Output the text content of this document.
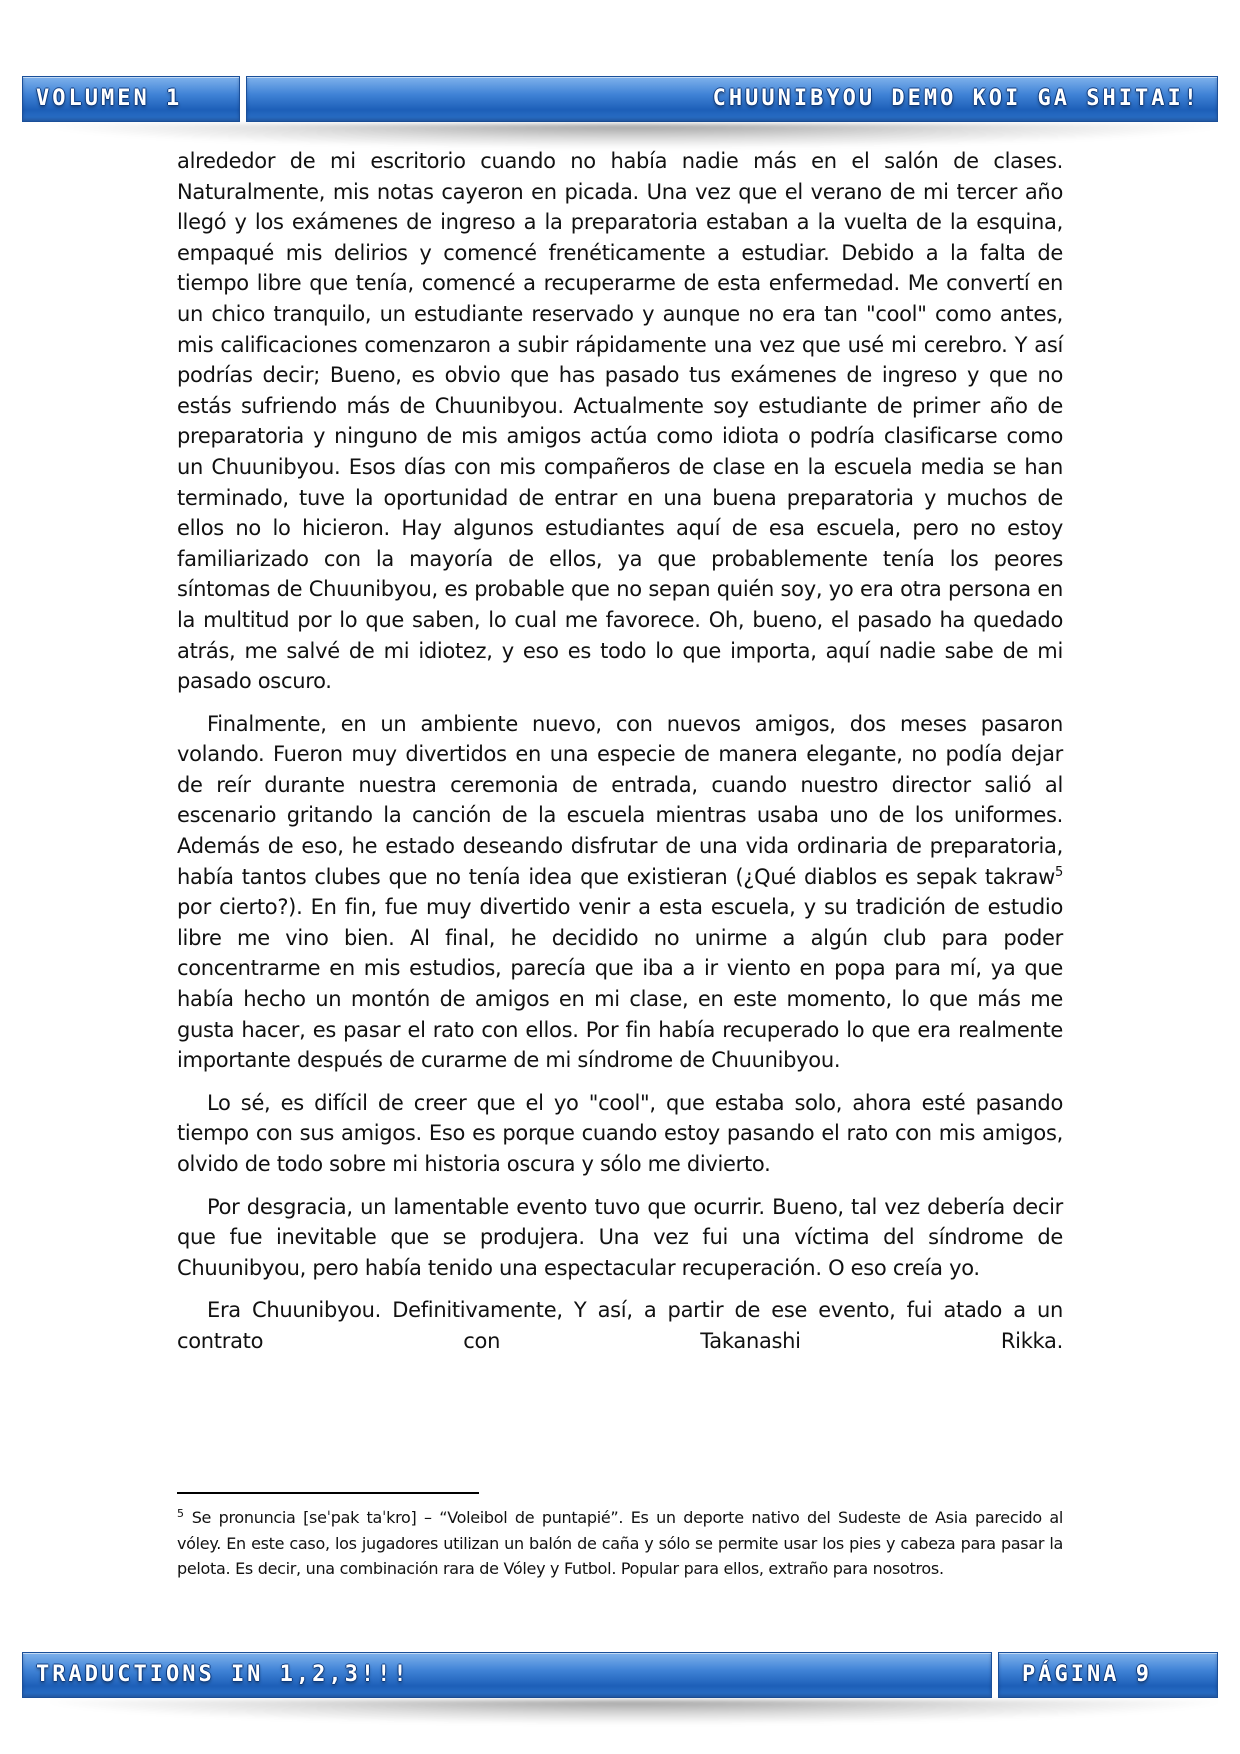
VOLUMEN 1	CHUUNIBYOU DEMO KOI GA SHITAI!

alrededor de mi escritorio cuando no había nadie más en el salón de clases. Naturalmente, mis notas cayeron en picada. Una vez que el verano de mi tercer año llegó y los exámenes de ingreso a la preparatoria estaban a la vuelta de la esquina, empaqué mis delirios y comencé frenéticamente a estudiar. Debido a la falta de tiempo libre que tenía, comencé a recuperarme de esta enfermedad. Me convertí en un chico tranquilo, un estudiante reservado y aunque no era tan "cool" como antes, mis calificaciones comenzaron a subir rápidamente una vez que usé mi cerebro. Y así podrías decir; Bueno, es obvio que has pasado tus exámenes de ingreso y que no estás sufriendo más de Chuunibyou. Actualmente soy estudiante de primer año de preparatoria y ninguno de mis amigos actúa como idiota o podría clasificarse como un Chuunibyou. Esos días con mis compañeros de clase en la escuela media se han terminado, tuve la oportunidad de entrar en una buena preparatoria y muchos de ellos no lo hicieron. Hay algunos estudiantes aquí de esa escuela, pero no estoy familiarizado con la mayoría de ellos, ya que probablemente tenía los peores síntomas de Chuunibyou, es probable que no sepan quién soy, yo era otra persona en la multitud por lo que saben, lo cual me favorece. Oh, bueno, el pasado ha quedado atrás, me salvé de mi idiotez, y eso es todo lo que importa, aquí nadie sabe de mi pasado oscuro.

Finalmente, en un ambiente nuevo, con nuevos amigos, dos meses pasaron volando. Fueron muy divertidos en una especie de manera elegante, no podía dejar de reír durante nuestra ceremonia de entrada, cuando nuestro director salió al escenario gritando la canción de la escuela mientras usaba uno de los uniformes. Además de eso, he estado deseando disfrutar de una vida ordinaria de preparatoria, había tantos clubes que no tenía idea que existieran (¿Qué diablos es sepak takraw$^5$ por cierto?). En fin, fue muy divertido venir a esta escuela, y su tradición de estudio libre me vino bien. Al final, he decidido no unirme a algún club para poder concentrarme en mis estudios, parecía que iba a ir viento en popa para mí, ya que había hecho un montón de amigos en mi clase, en este momento, lo que más me gusta hacer, es pasar el rato con ellos. Por fin había recuperado lo que era realmente importante después de curarme de mi síndrome de Chuunibyou.

Lo sé, es difícil de creer que el yo "cool", que estaba solo, ahora esté pasando tiempo con sus amigos. Eso es porque cuando estoy pasando el rato con mis amigos, olvido de todo sobre mi historia oscura y sólo me divierto.

Por desgracia, un lamentable evento tuvo que ocurrir. Bueno, tal vez debería decir que fue inevitable que se produjera. Una vez fui una víctima del síndrome de Chuunibyou, pero había tenido una espectacular recuperación. O eso creía yo.

Era Chuunibyou. Definitivamente, Y así, a partir de ese evento, fui atado a un contrato con Takanashi Rikka.

$^5$ Se pronuncia [seˈpak taˈkro] – “Voleibol de puntapié”. Es un deporte nativo del Sudeste de Asia parecido al vóley. En este caso, los jugadores utilizan un balón de caña y sólo se permite usar los pies y cabeza para pasar la pelota. Es decir, una combinación rara de Vóley y Futbol. Popular para ellos, extraño para nosotros.
TRADUCTIONS IN 1,2,3!!!	PÁGINA 9
